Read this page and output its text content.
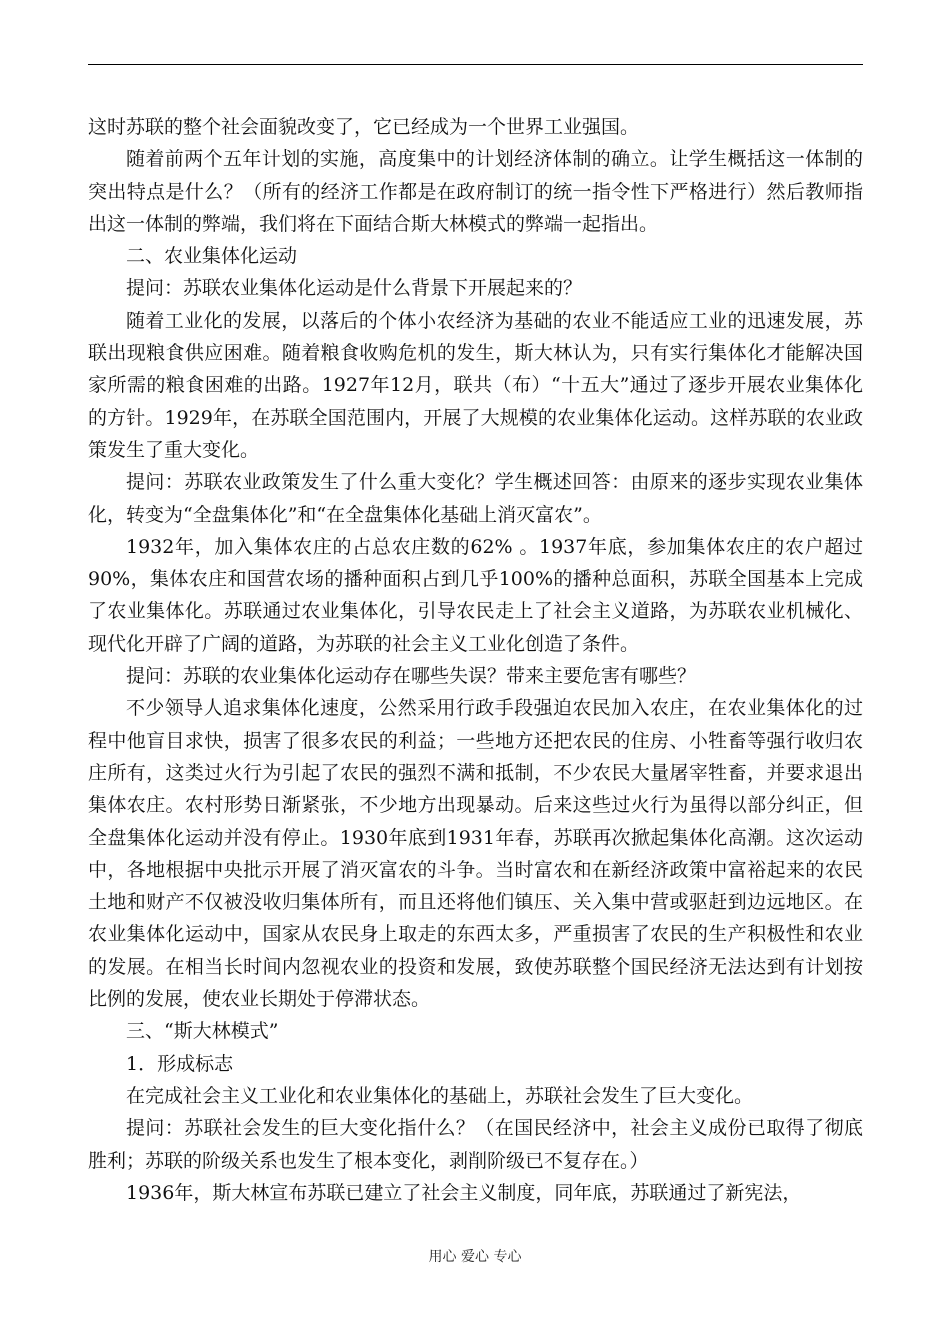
这时苏联的整个社会面貌改变了，它已经成为一个世界工业强国。

随着前两个五年计划的实施，高度集中的计划经济体制的确立。让学生概括这一体制的突出特点是什么？（所有的经济工作都是在政府制订的统一指令性下严格进行）然后教师指出这一体制的弊端，我们将在下面结合斯大林模式的弊端一起指出。

二、农业集体化运动

提问：苏联农业集体化运动是什么背景下开展起来的？

随着工业化的发展，以落后的个体小农经济为基础的农业不能适应工业的迅速发展，苏联出现粮食供应困难。随着粮食收购危机的发生，斯大林认为，只有实行集体化才能解决国家所需的粮食困难的出路。1927年12月，联共（布）“十五大”通过了逐步开展农业集体化的方针。1929年，在苏联全国范围内，开展了大规模的农业集体化运动。这样苏联的农业政策发生了重大变化。

提问：苏联农业政策发生了什么重大变化？学生概述回答：由原来的逐步实现农业集体化，转变为“全盘集体化”和“在全盘集体化基础上消灭富农”。

1932年，加入集体农庄的占总农庄数的62% 。1937年底，参加集体农庄的农户超过90%，集体农庄和国营农场的播种面积占到几乎100%的播种总面积，苏联全国基本上完成了农业集体化。苏联通过农业集体化，引导农民走上了社会主义道路，为苏联农业机械化、现代化开辟了广阔的道路，为苏联的社会主义工业化创造了条件。

提问：苏联的农业集体化运动存在哪些失误？带来主要危害有哪些？

不少领导人追求集体化速度，公然采用行政手段强迫农民加入农庄，在农业集体化的过程中他盲目求快，损害了很多农民的利益；一些地方还把农民的住房、小牲畜等强行收归农庄所有，这类过火行为引起了农民的强烈不满和抵制，不少农民大量屠宰牲畜，并要求退出集体农庄。农村形势日渐紧张，不少地方出现暴动。后来这些过火行为虽得以部分纠正，但全盘集体化运动并没有停止。1930年底到1931年春，苏联再次掀起集体化高潮。这次运动中，各地根据中央批示开展了消灭富农的斗争。当时富农和在新经济政策中富裕起来的农民土地和财产不仅被没收归集体所有，而且还将他们镇压、关入集中营或驱赶到边远地区。在农业集体化运动中，国家从农民身上取走的东西太多，严重损害了农民的生产积极性和农业的发展。在相当长时间内忽视农业的投资和发展，致使苏联整个国民经济无法达到有计划按比例的发展，使农业长期处于停滞状态。

三、“斯大林模式”

1．形成标志

在完成社会主义工业化和农业集体化的基础上，苏联社会发生了巨大变化。

提问：苏联社会发生的巨大变化指什么？（在国民经济中，社会主义成份已取得了彻底胜利；苏联的阶级关系也发生了根本变化，剥削阶级已不复存在。）

1936年，斯大林宣布苏联已建立了社会主义制度，同年底，苏联通过了新宪法，

用心 爱心 专心
